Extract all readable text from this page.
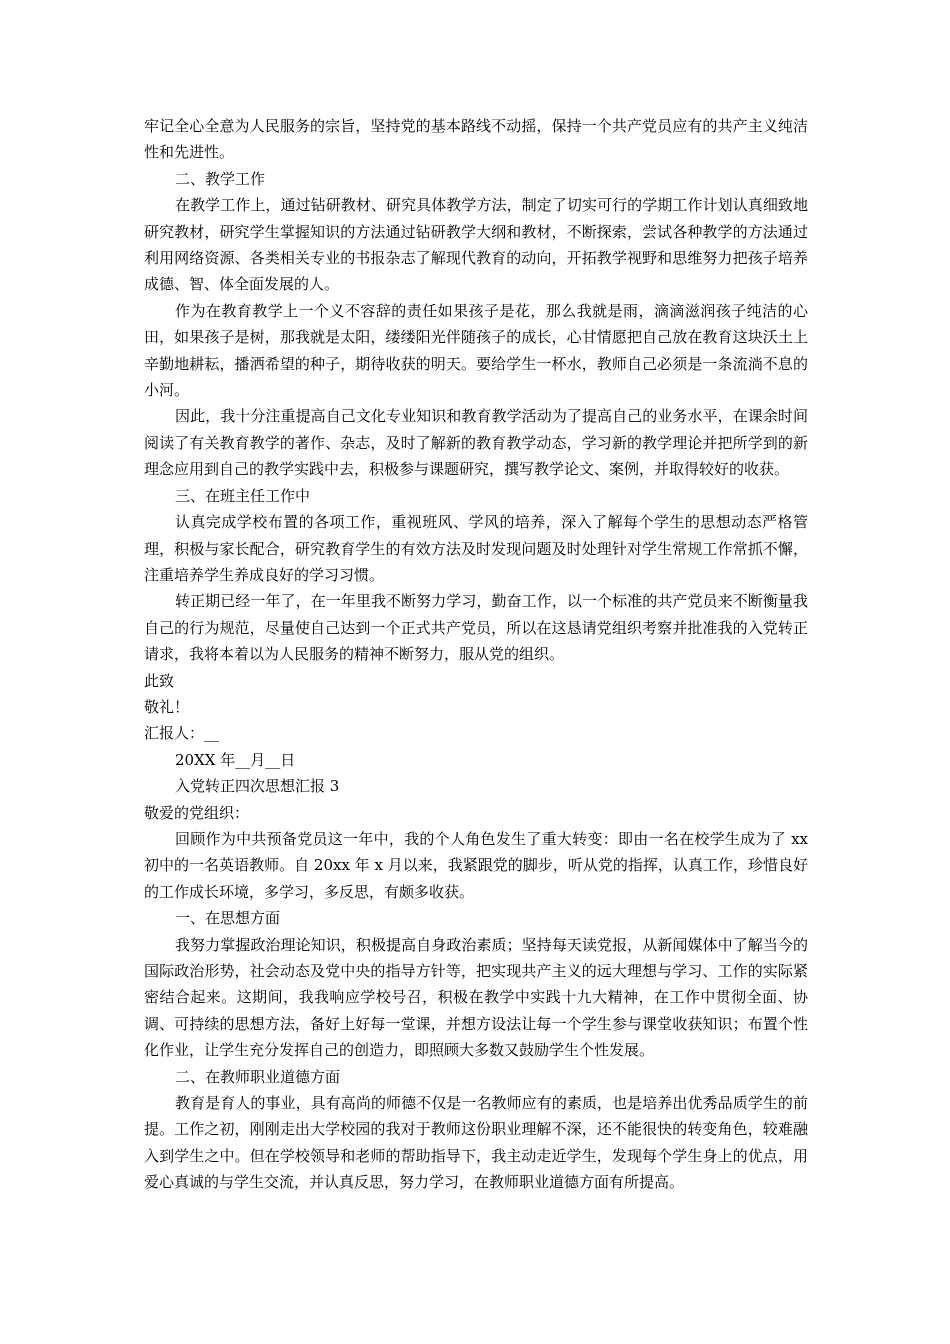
牢记全心全意为人民服务的宗旨，坚持党的基本路线不动摇，保持一个共产党员应有的共产主义纯洁性和先进性。

二、教学工作

在教学工作上，通过钻研教材、研究具体教学方法，制定了切实可行的学期工作计划认真细致地研究教材，研究学生掌握知识的方法通过钻研教学大纲和教材，不断探索，尝试各种教学的方法通过利用网络资源、各类相关专业的书报杂志了解现代教育的动向，开拓教学视野和思维努力把孩子培养成德、智、体全面发展的人。

作为在教育教学上一个义不容辞的责任如果孩子是花，那么我就是雨，滴滴滋润孩子纯洁的心田，如果孩子是树，那我就是太阳，缕缕阳光伴随孩子的成长，心甘情愿把自己放在教育这块沃土上辛勤地耕耘，播洒希望的种子，期待收获的明天。要给学生一杯水，教师自己必须是一条流淌不息的小河。

因此，我十分注重提高自己文化专业知识和教育教学活动为了提高自己的业务水平，在课余时间阅读了有关教育教学的著作、杂志，及时了解新的教育教学动态，学习新的教学理论并把所学到的新理念应用到自己的教学实践中去，积极参与课题研究，撰写教学论文、案例，并取得较好的收获。

三、在班主任工作中

认真完成学校布置的各项工作，重视班风、学风的培养，深入了解每个学生的思想动态严格管理，积极与家长配合，研究教育学生的有效方法及时发现问题及时处理针对学生常规工作常抓不懈，注重培养学生养成良好的学习习惯。

转正期已经一年了，在一年里我不断努力学习，勤奋工作，以一个标准的共产党员来不断衡量我自己的行为规范，尽量使自己达到一个正式共产党员，所以在这恳请党组织考察并批准我的入党转正请求，我将本着以为人民服务的精神不断努力，服从党的组织。

此致

敬礼！

汇报人：__

20XX 年__月__日

入党转正四次思想汇报 3

敬爱的党组织：

回顾作为中共预备党员这一年中，我的个人角色发生了重大转变：即由一名在校学生成为了 xx 初中的一名英语教师。自 20xx 年 x 月以来，我紧跟党的脚步，听从党的指挥，认真工作，珍惜良好的工作成长环境，多学习，多反思，有颇多收获。

一、在思想方面

我努力掌握政治理论知识，积极提高自身政治素质；坚持每天读党报，从新闻媒体中了解当今的国际政治形势，社会动态及党中央的指导方针等，把实现共产主义的远大理想与学习、工作的实际紧密结合起来。这期间，我我响应学校号召，积极在教学中实践十九大精神，在工作中贯彻全面、协调、可持续的思想方法，备好上好每一堂课，并想方设法让每一个学生参与课堂收获知识；布置个性化作业，让学生充分发挥自己的创造力，即照顾大多数又鼓励学生个性发展。

二、在教师职业道德方面

教育是育人的事业，具有高尚的师德不仅是一名教师应有的素质，也是培养出优秀品质学生的前提。工作之初，刚刚走出大学校园的我对于教师这份职业理解不深，还不能很快的转变角色，较难融入到学生之中。但在学校领导和老师的帮助指导下，我主动走近学生，发现每个学生身上的优点，用爱心真诚的与学生交流，并认真反思，努力学习，在教师职业道德方面有所提高。
